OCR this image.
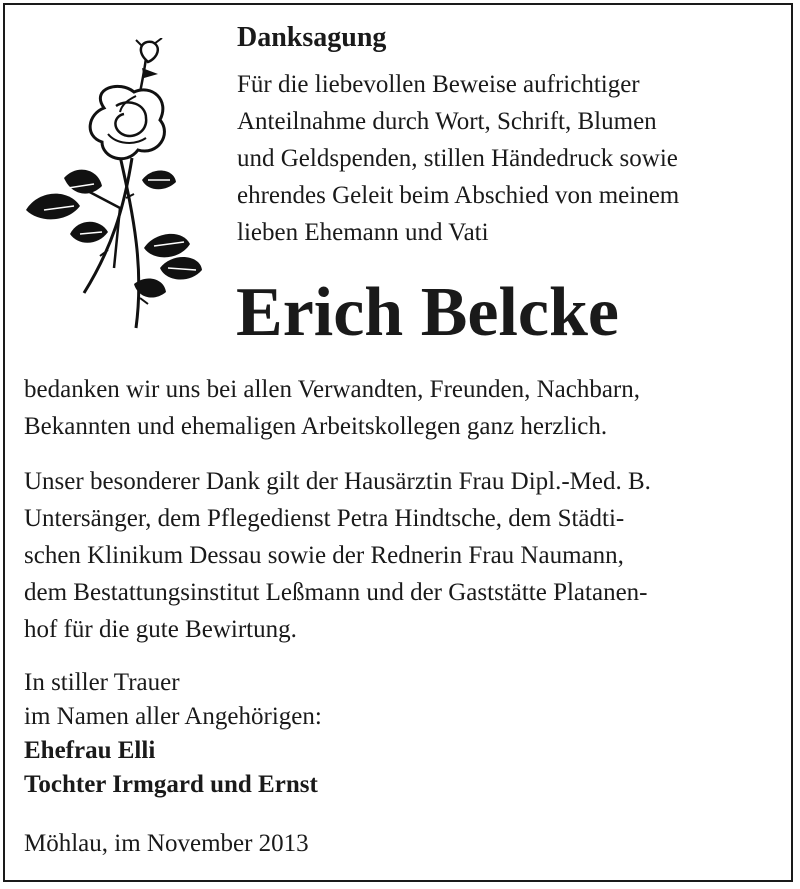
Danksagung
Für die liebevollen Beweise aufrichtiger
Anteilnahme durch Wort, Schrift, Blumen
und Geldspenden, stillen Händedruck sowie
ehrendes Geleit beim Abschied von meinem
lieben Ehemann und Vati
Erich Belcke
bedanken wir uns bei allen Verwandten, Freunden, Nachbarn,
Bekannten und ehemaligen Arbeitskollegen ganz herzlich.
Unser besonderer Dank gilt der Hausärztin Frau Dipl.-Med. B.
Untersänger, dem Pflegedienst Petra Hindtsche, dem Städti-
schen Klinikum Dessau sowie der Rednerin Frau Naumann,
dem Bestattungsinstitut Leßmann und der Gaststätte Platanen-
hof für die gute Bewirtung.
In stiller Trauer
im Namen aller Angehörigen:
Ehefrau Elli
Tochter Irmgard und Ernst
Möhlau, im November 2013
